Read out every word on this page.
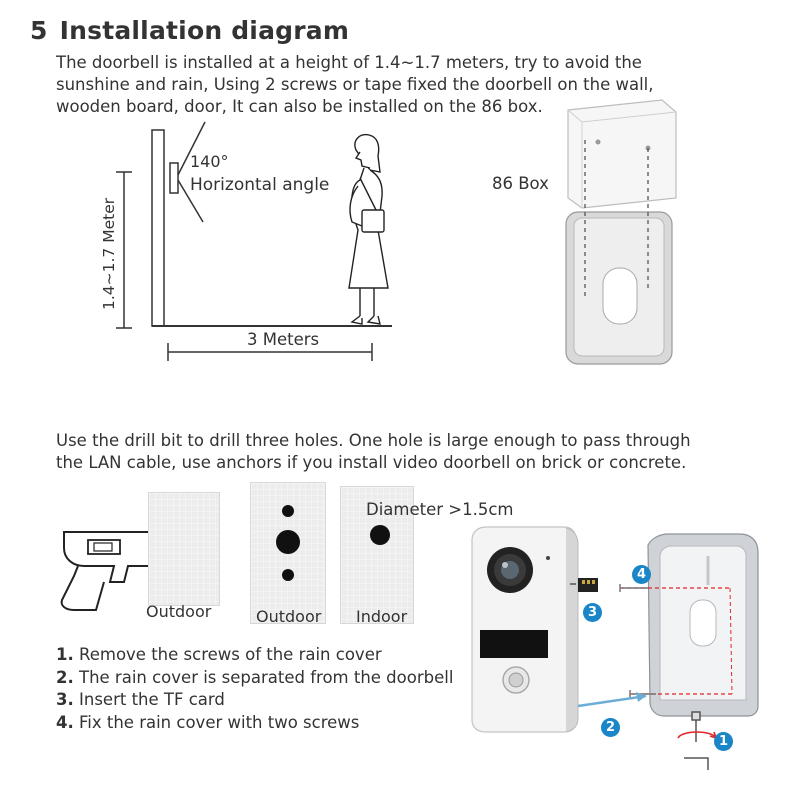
5 Installation diagram
The doorbell is installed at a height of 1.4~1.7 meters, try to avoid the
sunshine and rain, Using 2 screws or tape fixed the doorbell on the wall,
wooden board, door, It can also be installed on the 86 box.
140°
Horizontal angle
1.4~1.7 Meter
3 Meters
86 Box
Use the drill bit to drill three holes. One hole is large enough to pass through
the LAN cable, use anchors if you install video doorbell on brick or concrete.
Outdoor	Outdoor Indoor
Diameter >1.5cm
1. Remove the screws of the rain cover
2. The rain cover is separated from the doorbell
3. Insert the TF card
4. Fix the rain cover with two screws
1
2
3
4
